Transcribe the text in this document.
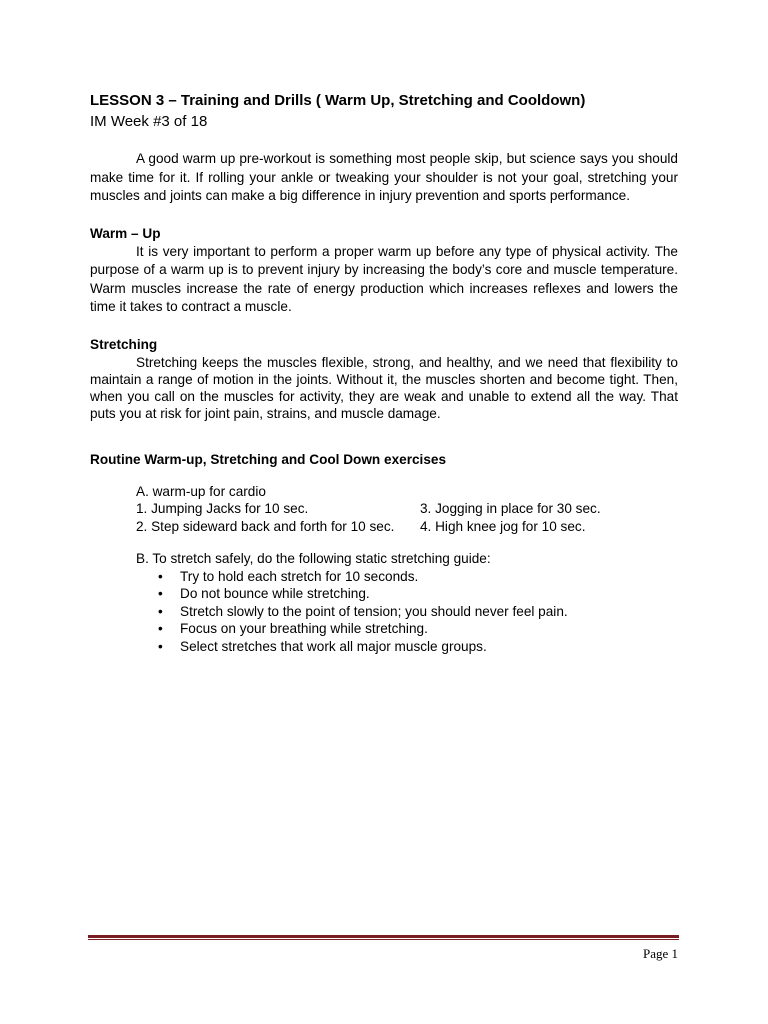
LESSON 3 – Training and Drills ( Warm Up, Stretching and Cooldown)

IM Week #3 of 18

A good warm up pre-workout is something most people skip, but science says you should make time for it. If rolling your ankle or tweaking your shoulder is not your goal, stretching your muscles and joints can make a big difference in injury prevention and sports performance.

Warm – Up

It is very important to perform a proper warm up before any type of physical activity. The purpose of a warm up is to prevent injury by increasing the body’s core and muscle temperature. Warm muscles increase the rate of energy production which increases reflexes and lowers the time it takes to contract a muscle.

Stretching

Stretching keeps the muscles flexible, strong, and healthy, and we need that flexibility to maintain a range of motion in the joints. Without it, the muscles shorten and become tight. Then, when you call on the muscles for activity, they are weak and unable to extend all the way. That puts you at risk for joint pain, strains, and muscle damage.

Routine Warm-up, Stretching and Cool Down exercises

A. warm-up for cardio
1. Jumping Jacks for 10 sec.	3. Jogging in place for 30 sec.
2. Step sideward back and forth for 10 sec.	4. High knee jog for 10 sec.
B. To stretch safely, do the following static stretching guide:
• Try to hold each stretch for 10 seconds.
• Do not bounce while stretching.
• Stretch slowly to the point of tension; you should never feel pain.
• Focus on your breathing while stretching.
• Select stretches that work all major muscle groups.
Page 1
